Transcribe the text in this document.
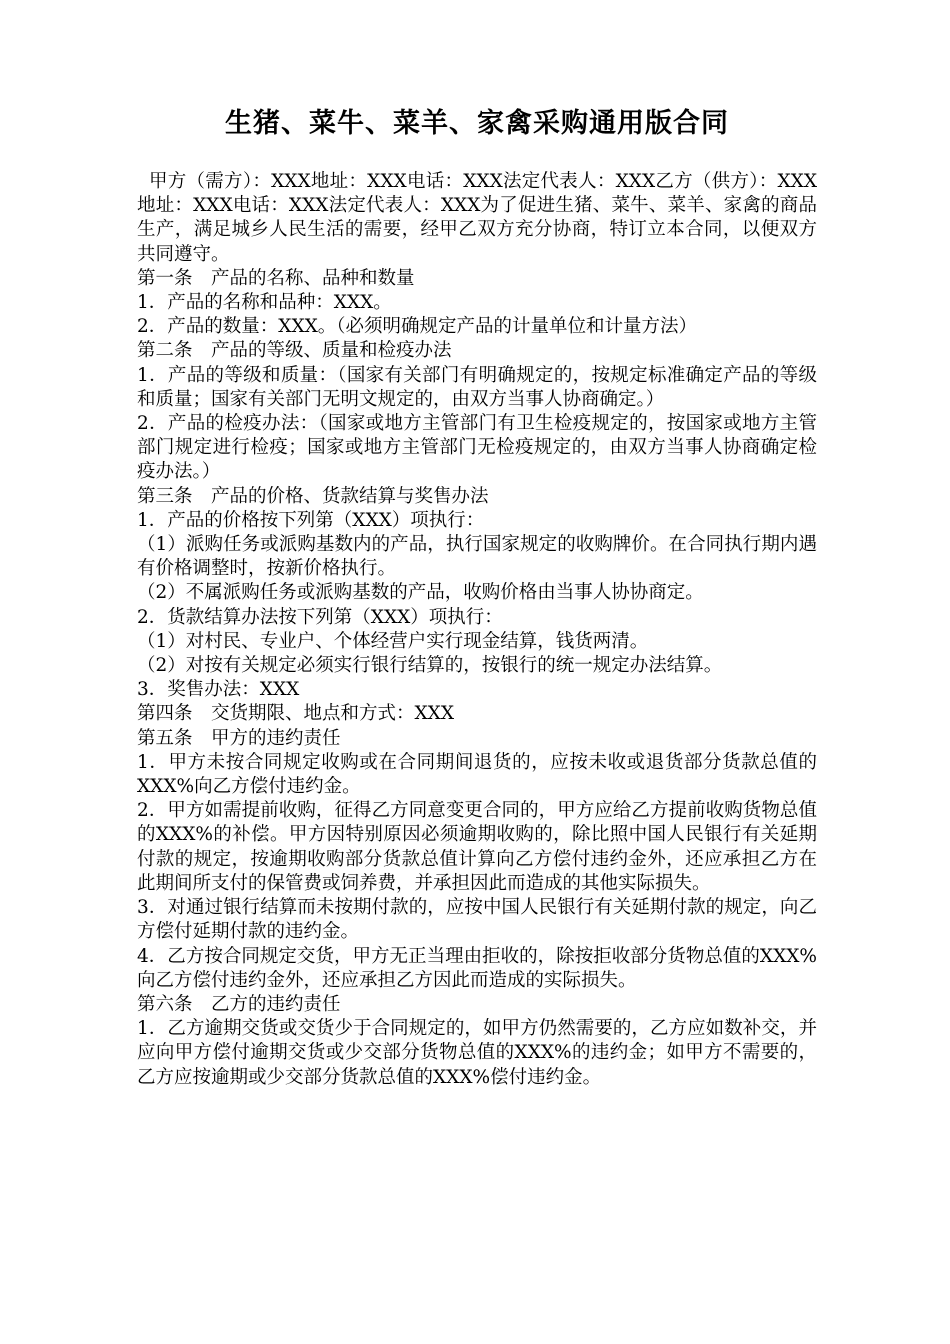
生猪、菜牛、菜羊、家禽采购通用版合同

甲方（需方）：XXX地址：XXX电话：XXX法定代表人：XXX乙方（供方）：XXX地址：XXX电话：XXX法定代表人：XXX为了促进生猪、菜牛、菜羊、家禽的商品生产，满足城乡人民生活的需要，经甲乙双方充分协商，特订立本合同，以便双方共同遵守。

第一条　产品的名称、品种和数量

1．产品的名称和品种：XXX。

2．产品的数量：XXX。（必须明确规定产品的计量单位和计量方法）

第二条　产品的等级、质量和检疫办法

1．产品的等级和质量：（国家有关部门有明确规定的，按规定标准确定产品的等级和质量；国家有关部门无明文规定的，由双方当事人协商确定。）

2．产品的检疫办法：（国家或地方主管部门有卫生检疫规定的，按国家或地方主管部门规定进行检疫；国家或地方主管部门无检疫规定的，由双方当事人协商确定检疫办法。）

第三条　产品的价格、货款结算与奖售办法

1．产品的价格按下列第（XXX）项执行：

（1）派购任务或派购基数内的产品，执行国家规定的收购牌价。在合同执行期内遇有价格调整时，按新价格执行。

（2）不属派购任务或派购基数的产品，收购价格由当事人协协商定。

2．货款结算办法按下列第（XXX）项执行：

（1）对村民、专业户、个体经营户实行现金结算，钱货两清。

（2）对按有关规定必须实行银行结算的，按银行的统一规定办法结算。

3．奖售办法：XXX

第四条　交货期限、地点和方式：XXX

第五条　甲方的违约责任

1．甲方未按合同规定收购或在合同期间退货的，应按未收或退货部分货款总值的XXX%向乙方偿付违约金。

2．甲方如需提前收购，征得乙方同意变更合同的，甲方应给乙方提前收购货物总值的XXX%的补偿。甲方因特别原因必须逾期收购的，除比照中国人民银行有关延期付款的规定，按逾期收购部分货款总值计算向乙方偿付违约金外，还应承担乙方在此期间所支付的保管费或饲养费，并承担因此而造成的其他实际损失。

3．对通过银行结算而未按期付款的，应按中国人民银行有关延期付款的规定，向乙方偿付延期付款的违约金。

4．乙方按合同规定交货，甲方无正当理由拒收的，除按拒收部分货物总值的XXX%向乙方偿付违约金外，还应承担乙方因此而造成的实际损失。

第六条　乙方的违约责任

1．乙方逾期交货或交货少于合同规定的，如甲方仍然需要的，乙方应如数补交，并应向甲方偿付逾期交货或少交部分货物总值的XXX%的违约金；如甲方不需要的，乙方应按逾期或少交部分货款总值的XXX%偿付违约金。
